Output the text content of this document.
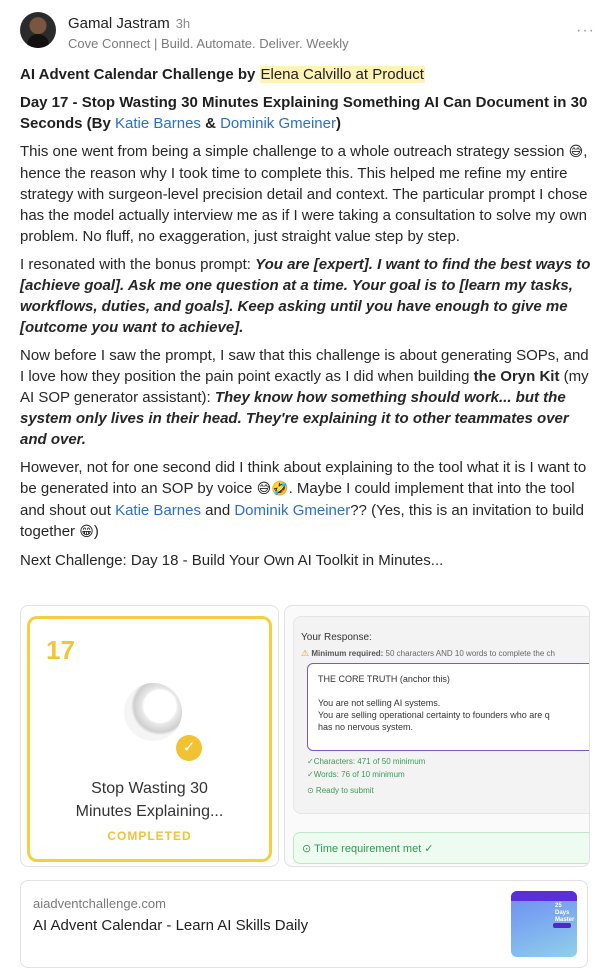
Gamal Jastram 3h
Cove Connect | Build. Automate. Deliver. Weekly
···
AI Advent Calendar Challenge by Elena Calvillo at Product
Day 17 - Stop Wasting 30 Minutes Explaining Something AI Can Document in 30 Seconds (By Katie Barnes & Dominik Gmeiner)
This one went from being a simple challenge to a whole outreach strategy session 😅, hence the reason why I took time to complete this. This helped me refine my entire strategy with surgeon-level precision detail and context. The particular prompt I chose has the model actually interview me as if I were taking a consultation to solve my own problem. No fluff, no exaggeration, just straight value step by step.
I resonated with the bonus prompt: You are [expert]. I want to find the best ways to [achieve goal]. Ask me one question at a time. Your goal is to [learn my tasks, workflows, duties, and goals]. Keep asking until you have enough to give me [outcome you want to achieve].
Now before I saw the prompt, I saw that this challenge is about generating SOPs, and I love how they position the pain point exactly as I did when building the Oryn Kit (my AI SOP generator assistant): They know how something should work... but the system only lives in their head. They're explaining it to other teammates over and over.
However, not for one second did I think about explaining to the tool what it is I want to be generated into an SOP by voice 😅🤣. Maybe I could implement that into the tool and shout out Katie Barnes and Dominik Gmeiner?? (Yes, this is an invitation to build together 😁)
Next Challenge: Day 18 - Build Your Own AI Toolkit in Minutes...
17
✓
Stop Wasting 30
Minutes Explaining...
COMPLETED
Your Response:
⚠ Minimum required: 50 characters AND 10 words to complete the ch
THE CORE TRUTH (anchor this)
You are not selling AI systems.
You are selling operational certainty to founders who are q
has no nervous system.
✓Characters: 471 of 50 minimum
✓Words: 76 of 10 minimum
⊙ Ready to submit
⊙ Time requirement met ✓
aiadventchallenge.com
AI Advent Calendar - Learn AI Skills Daily
25 Days
Master
